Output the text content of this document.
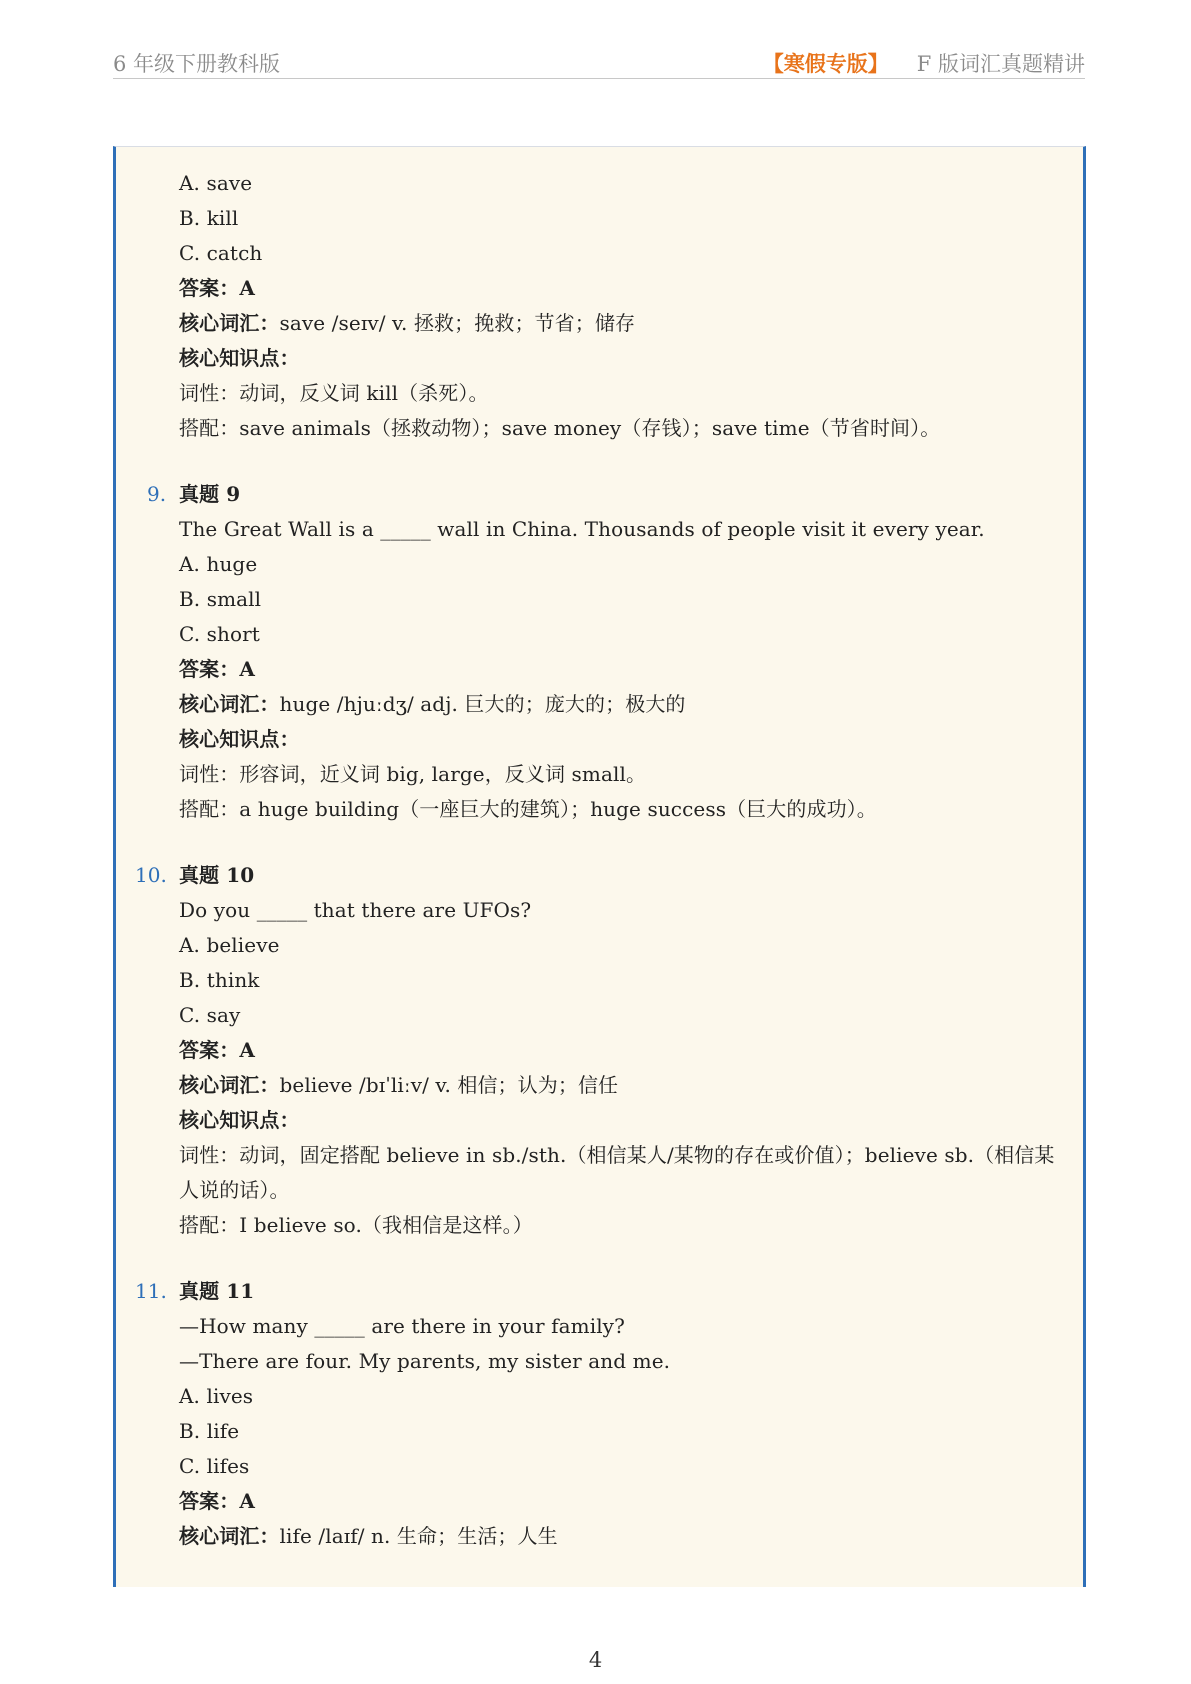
6 年级下册教科版	【寒假专版】 F 版词汇真题精讲
A. save
B. kill
C. catch
答案：A
核心词汇：save /seɪv/ v. 拯救；挽救；节省；储存
核心知识点：
词性：动词，反义词 kill（杀死）。
搭配：save animals（拯救动物）；save money（存钱）；save time（节省时间）。
9. 真题 9
The Great Wall is a _____ wall in China. Thousands of people visit it every year.
A. huge
B. small
C. short
答案：A
核心词汇：huge /hjuːdʒ/ adj. 巨大的；庞大的；极大的
核心知识点：
词性：形容词，近义词 big, large，反义词 small。
搭配：a huge building（一座巨大的建筑）；huge success（巨大的成功）。
10. 真题 10
Do you _____ that there are UFOs?
A. believe
B. think
C. say
答案：A
核心词汇：believe /bɪˈliːv/ v. 相信；认为；信任
核心知识点：
词性：动词，固定搭配 believe in sb./sth.（相信某人/某物的存在或价值）；believe sb.（相信某
人说的话）。
搭配：I believe so.（我相信是这样。）
11. 真题 11
—How many _____ are there in your family?
—There are four. My parents, my sister and me.
A. lives
B. life
C. lifes
答案：A
核心词汇：life /laɪf/ n. 生命；生活；人生
4
